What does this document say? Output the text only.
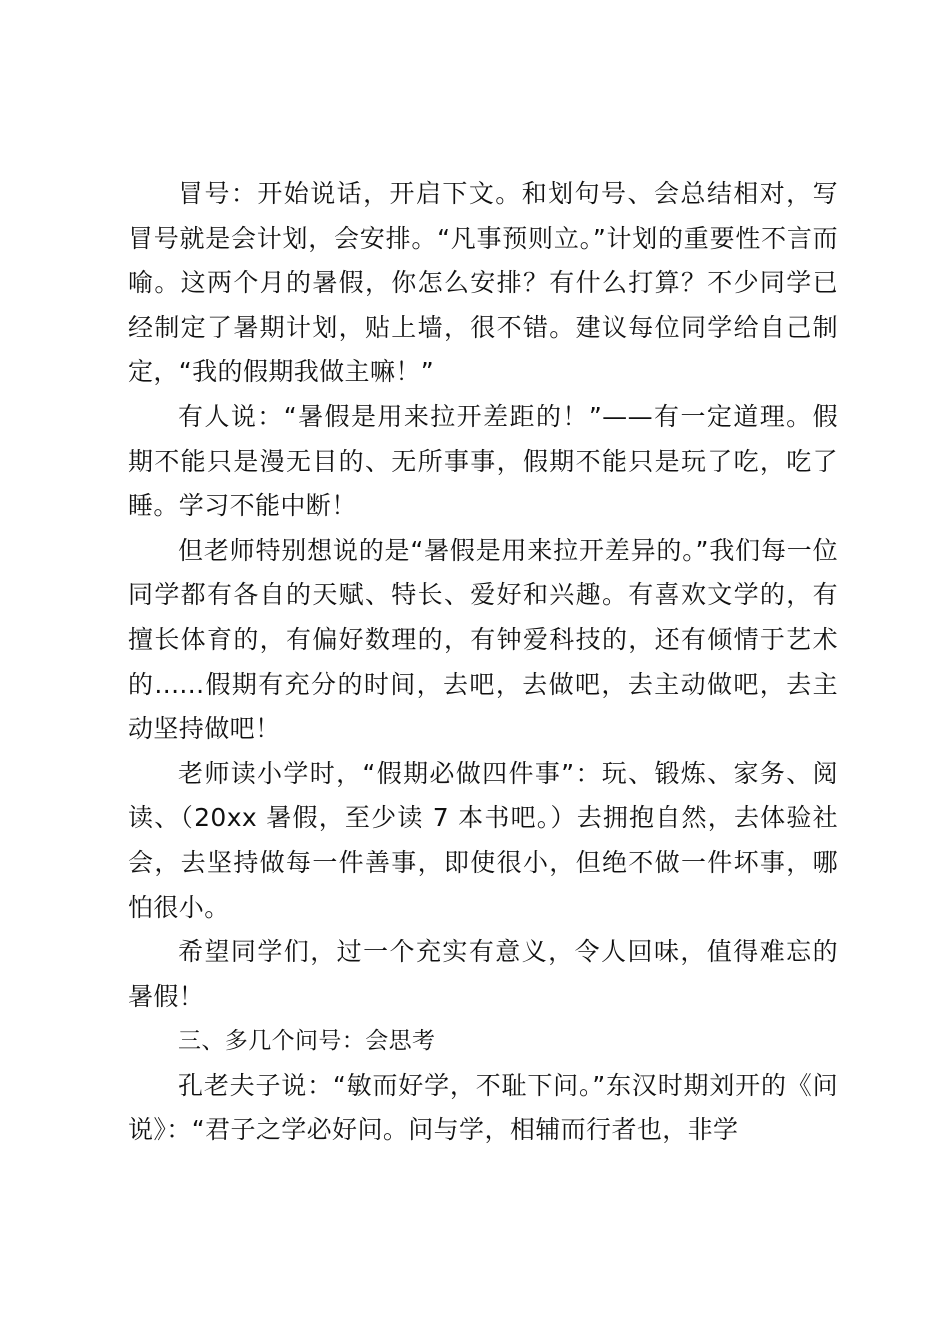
冒号：开始说话，开启下文。和划句号、会总结相对，写冒号就是会计划，会安排。“凡事预则立。”计划的重要性不言而喻。这两个月的暑假，你怎么安排？有什么打算？不少同学已经制定了暑期计划，贴上墙，很不错。建议每位同学给自己制定，“我的假期我做主嘛！”

有人说：“暑假是用来拉开差距的！”——有一定道理。假期不能只是漫无目的、无所事事，假期不能只是玩了吃，吃了睡。学习不能中断！

但老师特别想说的是“暑假是用来拉开差异的。”我们每一位同学都有各自的天赋、特长、爱好和兴趣。有喜欢文学的，有擅长体育的，有偏好数理的，有钟爱科技的，还有倾情于艺术的......假期有充分的时间，去吧，去做吧，去主动做吧，去主动坚持做吧！

老师读小学时，“假期必做四件事”：玩、锻炼、家务、阅读、（20xx 暑假，至少读 7 本书吧。）去拥抱自然，去体验社会，去坚持做每一件善事，即使很小，但绝不做一件坏事，哪怕很小。

希望同学们，过一个充实有意义，令人回味，值得难忘的暑假！

三、多几个问号：会思考

孔老夫子说：“敏而好学，不耻下问。”东汉时期刘开的《问说》：“君子之学必好问。问与学，相辅而行者也，非学
